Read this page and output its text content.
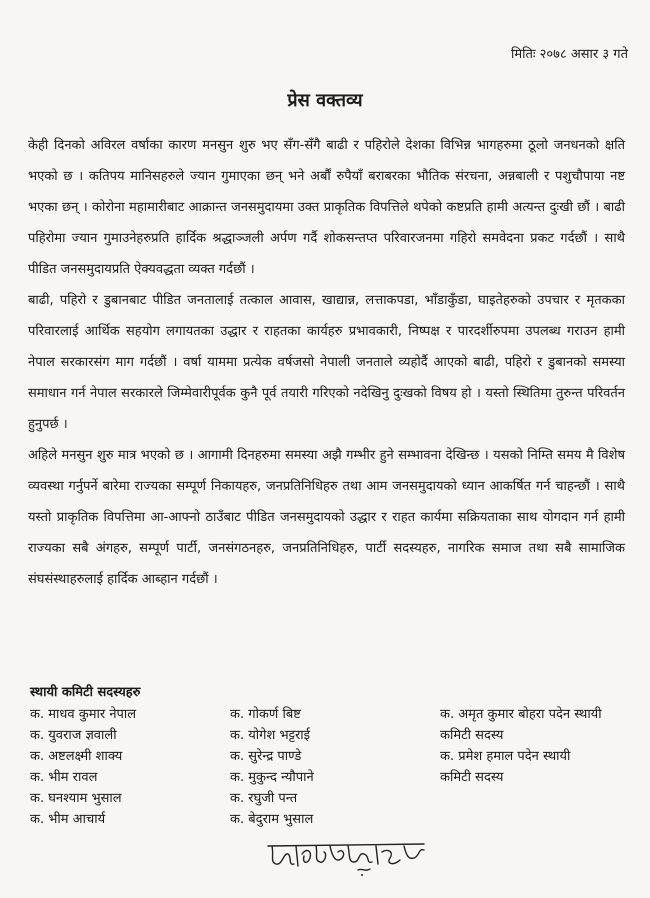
मितिः २०७८ असार ३ गते
प्रेस वक्तव्य

केही दिनको अविरल वर्षाका कारण मनसुन शुरु भए सँग-सँगै बाढी र पहिरोले देशका विभिन्न भागहरुमा ठूलो जनधनको क्षति भएको छ । कतिपय मानिसहरुले ज्यान गुमाएका छन् भने अर्बौं रुपैयाँ बराबरका भौतिक संरचना, अन्नबाली र पशुचौपाया नष्ट भएका छन् । कोरोना महामारीबाट आक्रान्त जनसमुदायमा उक्त प्राकृतिक विपत्तिले थपेको कष्टप्रति हामी अत्यन्त दुःखी छौं । बाढी पहिरोमा ज्यान गुमाउनेहरुप्रति हार्दिक श्रद्धाञ्जली अर्पण गर्दै शोकसन्तप्त परिवारजनमा गहिरो समवेदना प्रकट गर्दछौं । साथै पीडित जनसमुदायप्रति ऐक्यवद्धता व्यक्त गर्दछौं ।

बाढी, पहिरो र डुबानबाट पीडित जनतालाई तत्काल आवास, खाद्यान्न, लत्ताकपडा, भाँडाकुँडा, घाइतेहरुको उपचार र मृतकका परिवारलाई आर्थिक सहयोग लगायतका उद्धार र राहतका कार्यहरु प्रभावकारी, निष्पक्ष र पारदर्शीरुपमा उपलब्ध गराउन हामी नेपाल सरकारसंग माग गर्दछौं । वर्षा याममा प्रत्येक वर्षजसो नेपाली जनताले व्यहोर्दै आएको बाढी, पहिरो र डुबानको समस्या समाधान गर्न नेपाल सरकारले जिम्मेवारीपूर्वक कुनै पूर्व तयारी गरिएको नदेखिनु दुःखको विषय हो । यस्तो स्थितिमा तुरुन्त परिवर्तन हुनुपर्छ ।

अहिले मनसुन शुरु मात्र भएको छ । आगामी दिनहरुमा समस्या अझै गम्भीर हुने सम्भावना देखिन्छ । यसको निम्ति समय मै विशेष व्यवस्था गर्नुपर्ने बारेमा राज्यका सम्पूर्ण निकायहरु, जनप्रतिनिधिहरु तथा आम जनसमुदायको ध्यान आकर्षित गर्न चाहन्छौं । साथै यस्तो प्राकृतिक विपत्तिमा आ-आफ्नो ठाउँबाट पीडित जनसमुदायको उद्धार र राहत कार्यमा सक्रियताका साथ योगदान गर्न हामी राज्यका सबै अंगहरु, सम्पूर्ण पार्टी, जनसंगठनहरु, जनप्रतिनिधिहरु, पार्टी सदस्यहरु, नागरिक समाज तथा सबै सामाजिक संघसंस्थाहरुलाई हार्दिक आब्हान गर्दछौं ।

स्थायी कमिटी सदस्यहरु
क. माधव कुमार नेपाल
क. युवराज ज्ञवाली
क. अष्टलक्ष्मी शाक्य
क. भीम रावल
क. घनश्याम भुसाल
क. भीम आचार्य
क. गोकर्ण बिष्ट
क. योगेश भट्टराई
क. सुरेन्द्र पाण्डे
क. मुकुन्द न्यौपाने
क. रघुजी पन्त
क. बेदुराम भुसाल
क. अमृत कुमार बोहरा पदेन स्थायी
कमिटी सदस्य
क. प्रमेश हमाल पदेन स्थायी
कमिटी सदस्य
